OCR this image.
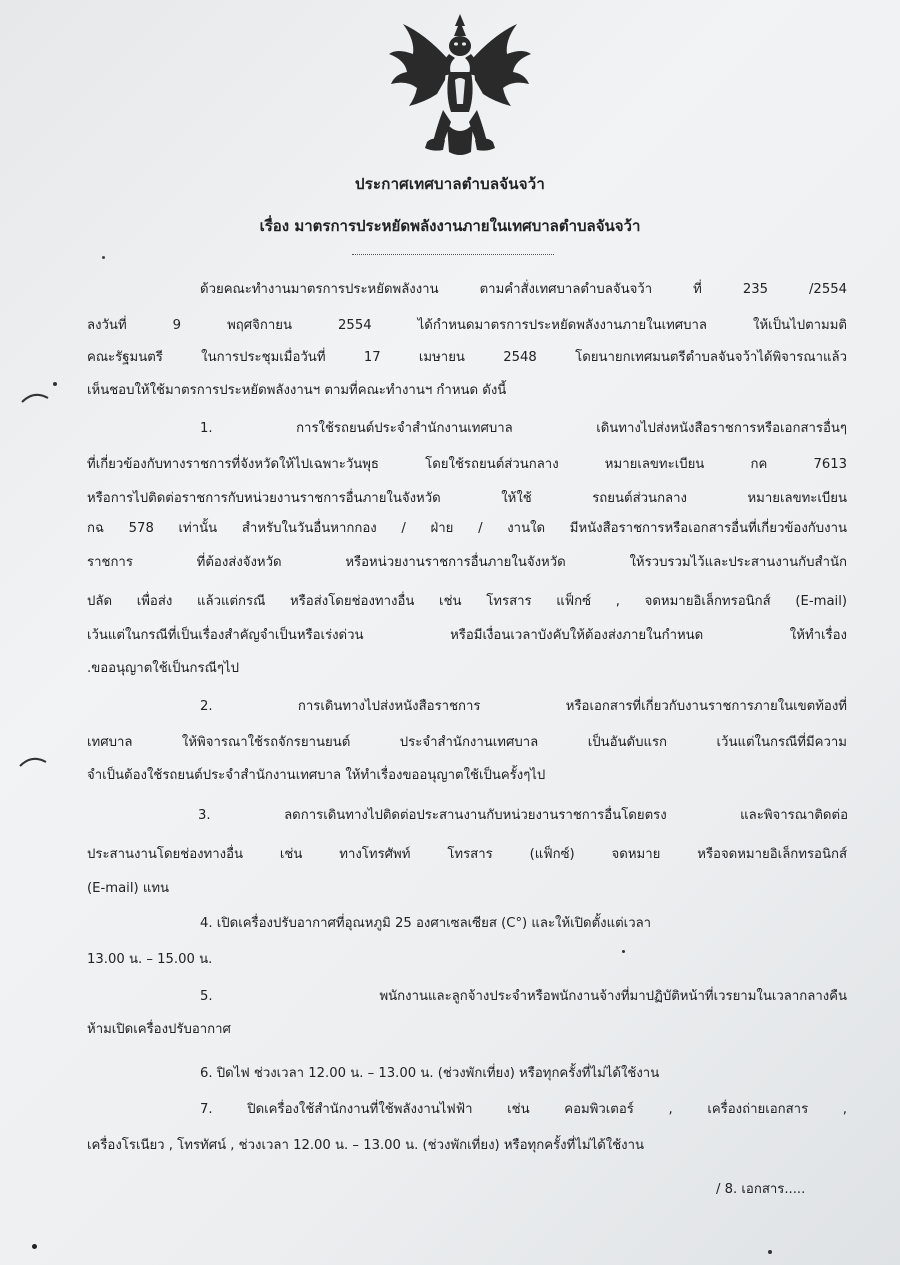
ประกาศเทศบาลตำบลจันจว้า
เรื่อง มาตรการประหยัดพลังงานภายในเทศบาลตำบลจันจว้า
ด้วยคณะทำงานมาตรการประหยัดพลังงาน ตามคำสั่งเทศบาลตำบลจันจว้า ที่ 235 /2554
ลงวันที่ 9 พฤศจิกายน 2554 ได้กำหนดมาตรการประหยัดพลังงานภายในเทศบาล ให้เป็นไปตามมติ
คณะรัฐมนตรี ในการประชุมเมื่อวันที่ 17 เมษายน 2548 โดยนายกเทศมนตรีตำบลจันจว้าได้พิจารณาแล้ว
เห็นชอบให้ใช้มาตรการประหยัดพลังงานฯ ตามที่คณะทำงานฯ กำหนด ดังนี้
1. การใช้รถยนต์ประจำสำนักงานเทศบาล เดินทางไปส่งหนังสือราชการหรือเอกสารอื่นๆ
ที่เกี่ยวข้องกับทางราชการที่จังหวัดให้ไปเฉพาะวันพุธ โดยใช้รถยนต์ส่วนกลาง หมายเลขทะเบียน กค 7613
หรือการไปติดต่อราชการกับหน่วยงานราชการอื่นภายในจังหวัด ให้ใช้ รถยนต์ส่วนกลาง หมายเลขทะเบียน
กฉ 578 เท่านั้น สำหรับในวันอื่นหากกอง / ฝ่าย / งานใด มีหนังสือราชการหรือเอกสารอื่นที่เกี่ยวข้องกับงาน
ราชการ ที่ต้องส่งจังหวัด หรือหน่วยงานราชการอื่นภายในจังหวัด ให้รวบรวมไว้และประสานงานกับสำนัก
ปลัด เพื่อส่ง แล้วแต่กรณี หรือส่งโดยช่องทางอื่น เช่น โทรสาร แฟ็กซ์ , จดหมายอิเล็กทรอนิกส์ (E-mail)
เว้นแต่ในกรณีที่เป็นเรื่องสำคัญจำเป็นหรือเร่งด่วน หรือมีเงื่อนเวลาบังคับให้ต้องส่งภายในกำหนด ให้ทำเรื่อง
.ขออนุญาตใช้เป็นกรณีๆไป
2. การเดินทางไปส่งหนังสือราชการ หรือเอกสารที่เกี่ยวกับงานราชการภายในเขตท้องที่
เทศบาล ให้พิจารณาใช้รถจักรยานยนต์ ประจำสำนักงานเทศบาล เป็นอันดับแรก เว้นแต่ในกรณีที่มีความ
จำเป็นต้องใช้รถยนต์ประจำสำนักงานเทศบาล ให้ทำเรื่องขออนุญาตใช้เป็นครั้งๆไป
3. ลดการเดินทางไปติดต่อประสานงานกับหน่วยงานราชการอื่นโดยตรง และพิจารณาติดต่อ
ประสานงานโดยช่องทางอื่น เช่น ทางโทรศัพท์ โทรสาร (แฟ็กซ์) จดหมาย หรือจดหมายอิเล็กทรอนิกส์
(E-mail) แทน
4. เปิดเครื่องปรับอากาศที่อุณหภูมิ 25 องศาเซลเซียส (C°) และให้เปิดตั้งแต่เวลา
13.00 น. – 15.00 น.
5. พนักงานและลูกจ้างประจำหรือพนักงานจ้างที่มาปฏิบัติหน้าที่เวรยามในเวลากลางคืน
ห้ามเปิดเครื่องปรับอากาศ
6. ปิดไฟ ช่วงเวลา 12.00 น. – 13.00 น. (ช่วงพักเที่ยง) หรือทุกครั้งที่ไม่ได้ใช้งาน
7. ปิดเครื่องใช้สำนักงานที่ใช้พลังงานไฟฟ้า เช่น คอมพิวเตอร์ , เครื่องถ่ายเอกสาร ,
เครื่องโรเนียว , โทรทัศน์ , ช่วงเวลา 12.00 น. – 13.00 น. (ช่วงพักเที่ยง) หรือทุกครั้งที่ไม่ได้ใช้งาน
/ 8. เอกสาร.....
